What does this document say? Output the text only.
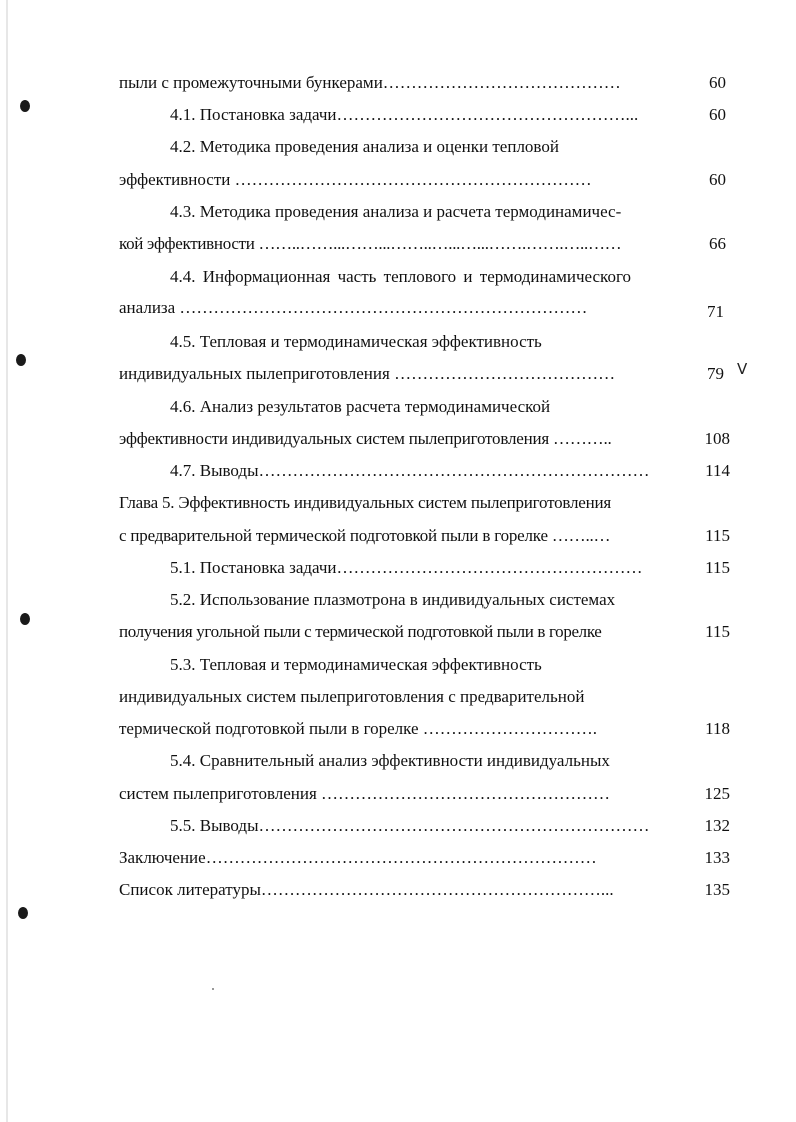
пыли с промежуточными бункерами……………………………………	60
4.1. Постановка задачи……………………………………………...	60
4.2. Методика проведения анализа и оценки тепловой
эффективности ………………………………………………………	60
4.3. Методика проведения анализа и расчета термодинамичес-
кой эффективности ……..……...……...……..…...…...…….…….…..……	66
4.4. Информационная часть теплового и термодинамического
анализа ………………………………………………………………	71
4.5. Тепловая и термодинамическая эффективность
индивидуальных пылеприготовления …………………………………	79
4.6. Анализ результатов расчета термодинамической
эффективности индивидуальных систем пылеприготовления ………..	108
4.7. Выводы……………………………………………………………	114
Глава 5. Эффективность индивидуальных систем пылеприготовления
с предварительной термической подготовкой пыли в горелке ……..…	115
5.1. Постановка задачи………………………………………………	115
5.2. Использование плазмотрона в индивидуальных системах
получения угольной пыли с термической подготовкой пыли в горелке	115
5.3. Тепловая и термодинамическая эффективность
индивидуальных систем пылеприготовления с предварительной
термической подготовкой пыли в горелке ………………………….	118
5.4. Сравнительный анализ эффективности индивидуальных
систем пылеприготовления ……………………………………………	125
5.5. Выводы……………………………………………………………	132
Заключение……………………………………………………………	133
Список литературы……………………………………………………...	135
V
